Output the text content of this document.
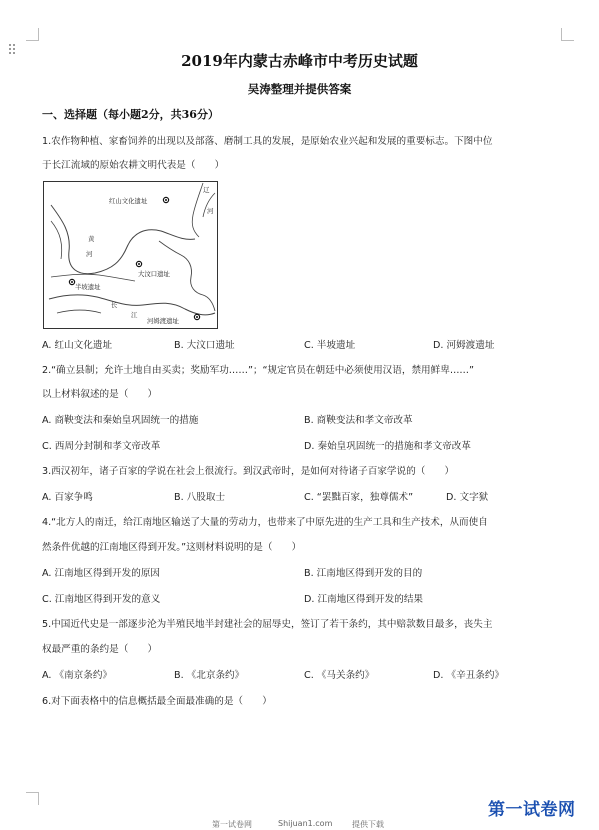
2019年内蒙古赤峰市中考历史试题
吴涛整理并提供答案
一、选择题（每小题2分，共36分）
1.农作物种植、家畜饲养的出现以及部落、磨制工具的发展，是原始农业兴起和发展的重要标志。下图中位
于长江流域的原始农耕文明代表是（　　）
红山文化遗址
大汶口遗址
半坡遗址
河姆渡遗址
黄
河
长
江
辽
河
A. 红山文化遗址	B. 大汶口遗址	C. 半坡遗址	D. 河姆渡遗址
2.“确立县制；允许土地自由买卖；奖励军功……”；“规定官员在朝廷中必须使用汉语，禁用鲜卑……”
以上材料叙述的是（　　）
A. 商鞅变法和秦始皇巩固统一的措施	B. 商鞅变法和孝文帝改革
C. 西周分封制和孝文帝改革	D. 秦始皇巩固统一的措施和孝文帝改革
3.西汉初年，诸子百家的学说在社会上很流行。到汉武帝时，是如何对待诸子百家学说的（　　）
A. 百家争鸣	B. 八股取士	C. “罢黜百家，独尊儒术”	D. 文字狱
4.“北方人的南迁，给江南地区输送了大量的劳动力，也带来了中原先进的生产工具和生产技术，从而使自
然条件优越的江南地区得到开发。”这则材料说明的是（　　）
A. 江南地区得到开发的原因	B. 江南地区得到开发的目的
C. 江南地区得到开发的意义	D. 江南地区得到开发的结果
5.中国近代史是一部逐步沦为半殖民地半封建社会的屈辱史，签订了若干条约，其中赔款数目最多，丧失主
权最严重的条约是（　　）
A. 《南京条约》	B. 《北京条约》	C. 《马关条约》	D. 《辛丑条约》
6.对下面表格中的信息概括最全面最准确的是（　　）
第一试卷网	Shijuan1.com 提供下载
第一试卷网
